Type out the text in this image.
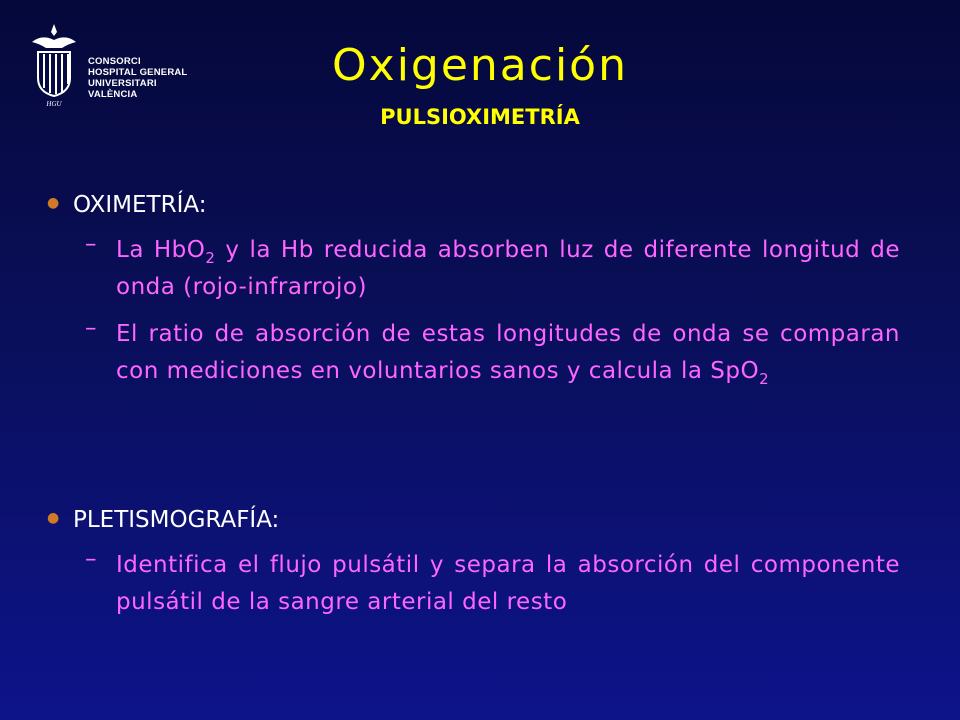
HGU
CONSORCI
HOSPITAL GENERAL
UNIVERSITARI
VALÈNCIA
Oxigenación
PULSIOXIMETRÍA
● OXIMETRÍA:
– La HbO$_2$ y la Hb reducida absorben luz de diferente longitud de onda (rojo-infrarrojo)
– El ratio de absorción de estas longitudes de onda se comparan con mediciones en voluntarios sanos y calcula la SpO$_2$
● PLETISMOGRAFÍA:
– Identifica el flujo pulsátil y separa la absorción del componente pulsátil de la sangre arterial del resto
